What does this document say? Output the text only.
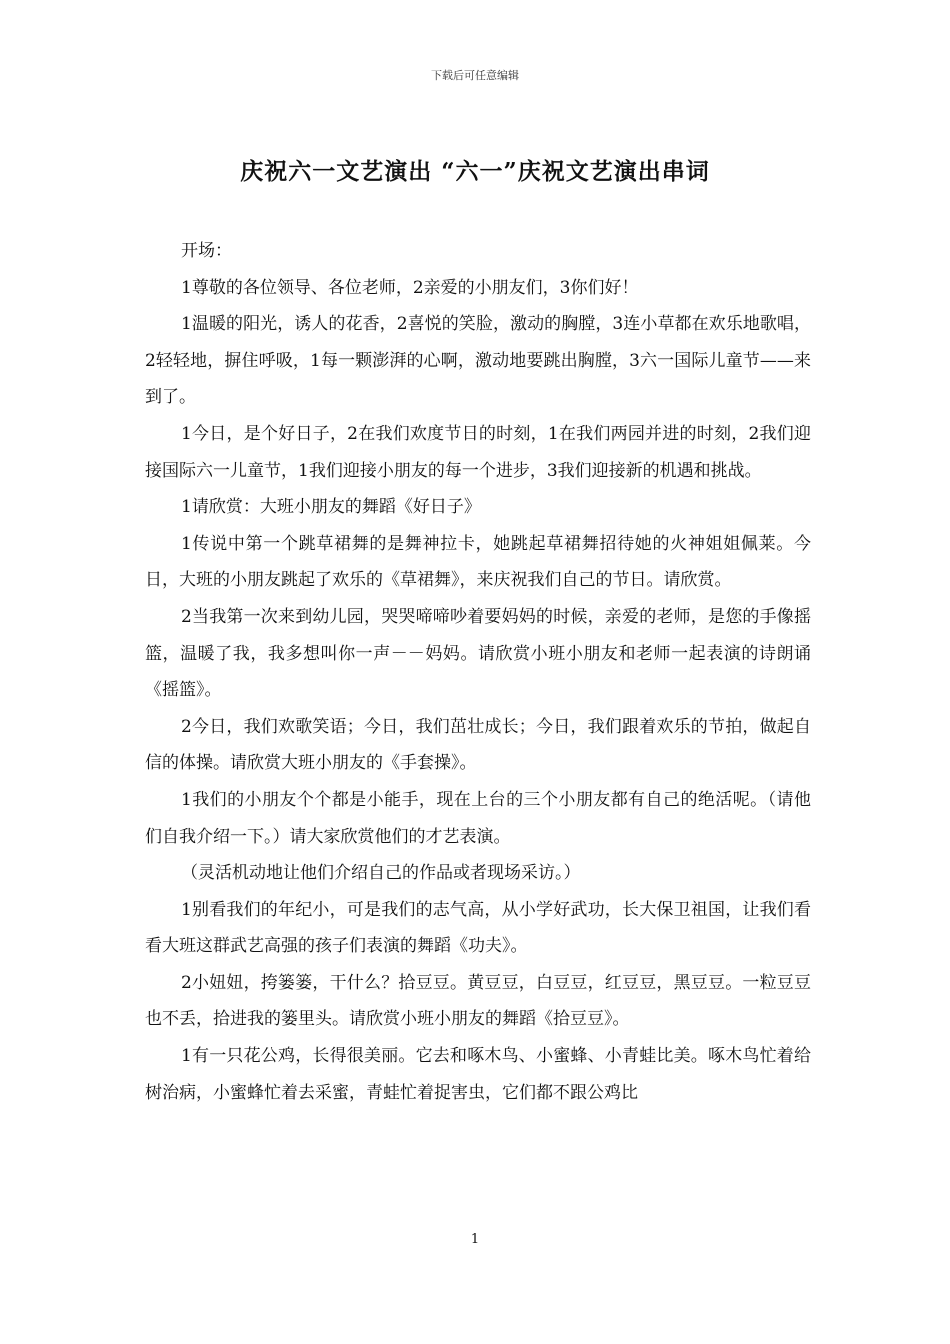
下载后可任意编辑
庆祝六一文艺演出 “六一”庆祝文艺演出串词

开场：

1尊敬的各位领导、各位老师，2亲爱的小朋友们，3你们好！

1温暖的阳光，诱人的花香，2喜悦的笑脸，激动的胸膛，3连小草都在欢乐地歌唱，2轻轻地，摒住呼吸，1每一颗澎湃的心啊，激动地要跳出胸膛，3六一国际儿童节——来到了。

1今日，是个好日子，2在我们欢度节日的时刻，1在我们两园并进的时刻，2我们迎接国际六一儿童节，1我们迎接小朋友的每一个进步，3我们迎接新的机遇和挑战。

1请欣赏：大班小朋友的舞蹈《好日子》

1传说中第一个跳草裙舞的是舞神拉卡，她跳起草裙舞招待她的火神姐姐佩莱。今日，大班的小朋友跳起了欢乐的《草裙舞》，来庆祝我们自己的节日。请欣赏。

2当我第一次来到幼儿园，哭哭啼啼吵着要妈妈的时候，亲爱的老师，是您的手像摇篮，温暖了我，我多想叫你一声－－妈妈。请欣赏小班小朋友和老师一起表演的诗朗诵《摇篮》。

2今日，我们欢歌笑语；今日，我们茁壮成长；今日，我们跟着欢乐的节拍，做起自信的体操。请欣赏大班小朋友的《手套操》。

1我们的小朋友个个都是小能手，现在上台的三个小朋友都有自己的绝活呢。（请他们自我介绍一下。）请大家欣赏他们的才艺表演。

（灵活机动地让他们介绍自己的作品或者现场采访。）

1别看我们的年纪小，可是我们的志气高，从小学好武功，长大保卫祖国，让我们看看大班这群武艺高强的孩子们表演的舞蹈《功夫》。

2小妞妞，挎篓篓，干什么？拾豆豆。黄豆豆，白豆豆，红豆豆，黑豆豆。一粒豆豆也不丢，拾进我的篓里头。请欣赏小班小朋友的舞蹈《拾豆豆》。

1有一只花公鸡，长得很美丽。它去和啄木鸟、小蜜蜂、小青蛙比美。啄木鸟忙着给树治病，小蜜蜂忙着去采蜜，青蛙忙着捉害虫，它们都不跟公鸡比

1
